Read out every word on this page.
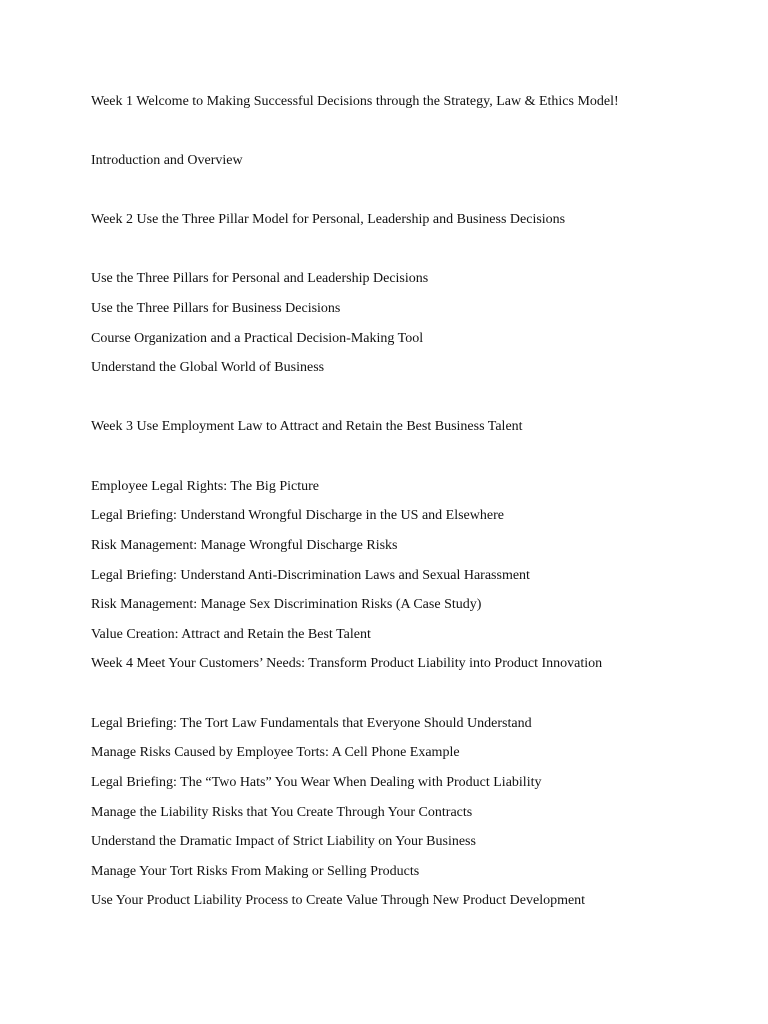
Week 1 Welcome to Making Successful Decisions through the Strategy, Law & Ethics Model!
Introduction and Overview
Week 2 Use the Three Pillar Model for Personal, Leadership and Business Decisions
Use the Three Pillars for Personal and Leadership Decisions
Use the Three Pillars for Business Decisions
Course Organization and a Practical Decision-Making Tool
Understand the Global World of Business
Week 3 Use Employment Law to Attract and Retain the Best Business Talent
Employee Legal Rights: The Big Picture
Legal Briefing: Understand Wrongful Discharge in the US and Elsewhere
Risk Management: Manage Wrongful Discharge Risks
Legal Briefing: Understand Anti-Discrimination Laws and Sexual Harassment
Risk Management: Manage Sex Discrimination Risks (A Case Study)
Value Creation: Attract and Retain the Best Talent
Week 4 Meet Your Customers’ Needs: Transform Product Liability into Product Innovation
Legal Briefing: The Tort Law Fundamentals that Everyone Should Understand
Manage Risks Caused by Employee Torts: A Cell Phone Example
Legal Briefing: The “Two Hats” You Wear When Dealing with Product Liability
Manage the Liability Risks that You Create Through Your Contracts
Understand the Dramatic Impact of Strict Liability on Your Business
Manage Your Tort Risks From Making or Selling Products
Use Your Product Liability Process to Create Value Through New Product Development
